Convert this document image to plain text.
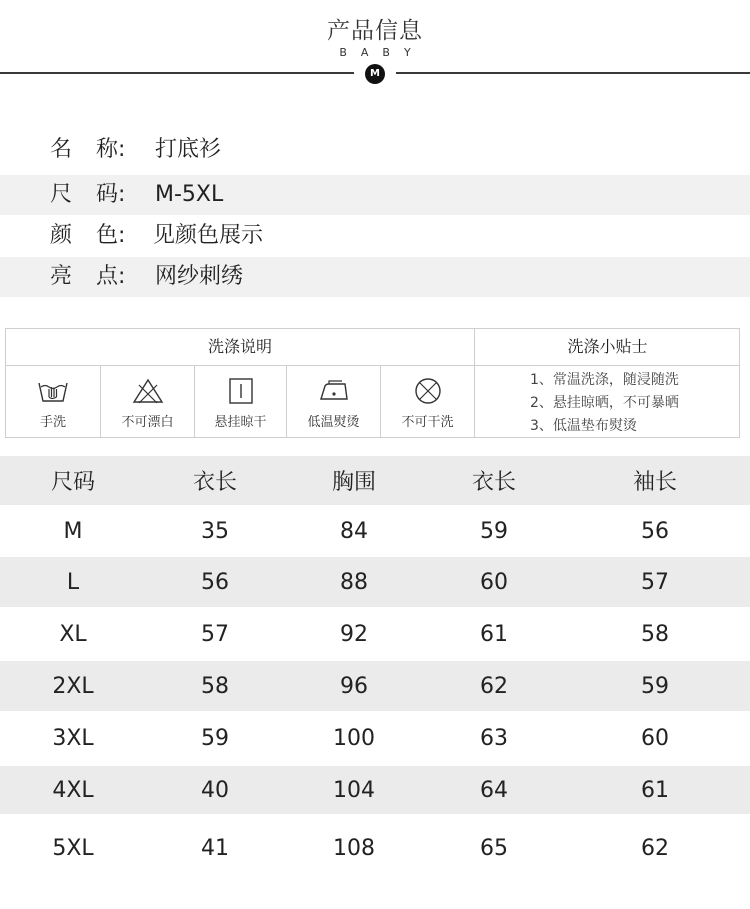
产品信息
B A B Y
M
名 称: 打底衫
尺 码: M-5XL
颜 色: 见颜色展示
亮 点: 网纱刺绣
洗涤说明	洗涤小贴士
手洗	不可漂白	悬挂晾干	低温熨烫	不可干洗
1、常温洗涤，随浸随洗
2、悬挂晾晒，不可暴晒
3、低温垫布熨烫
尺码	衣长	胸围	衣长	袖长
M	35	84	59	56
L	56	88	60	57
XL	57	92	61	58
2XL	58	96	62	59
3XL	59	100	63	60
4XL	40	104	64	61
5XL	41	108	65	62
